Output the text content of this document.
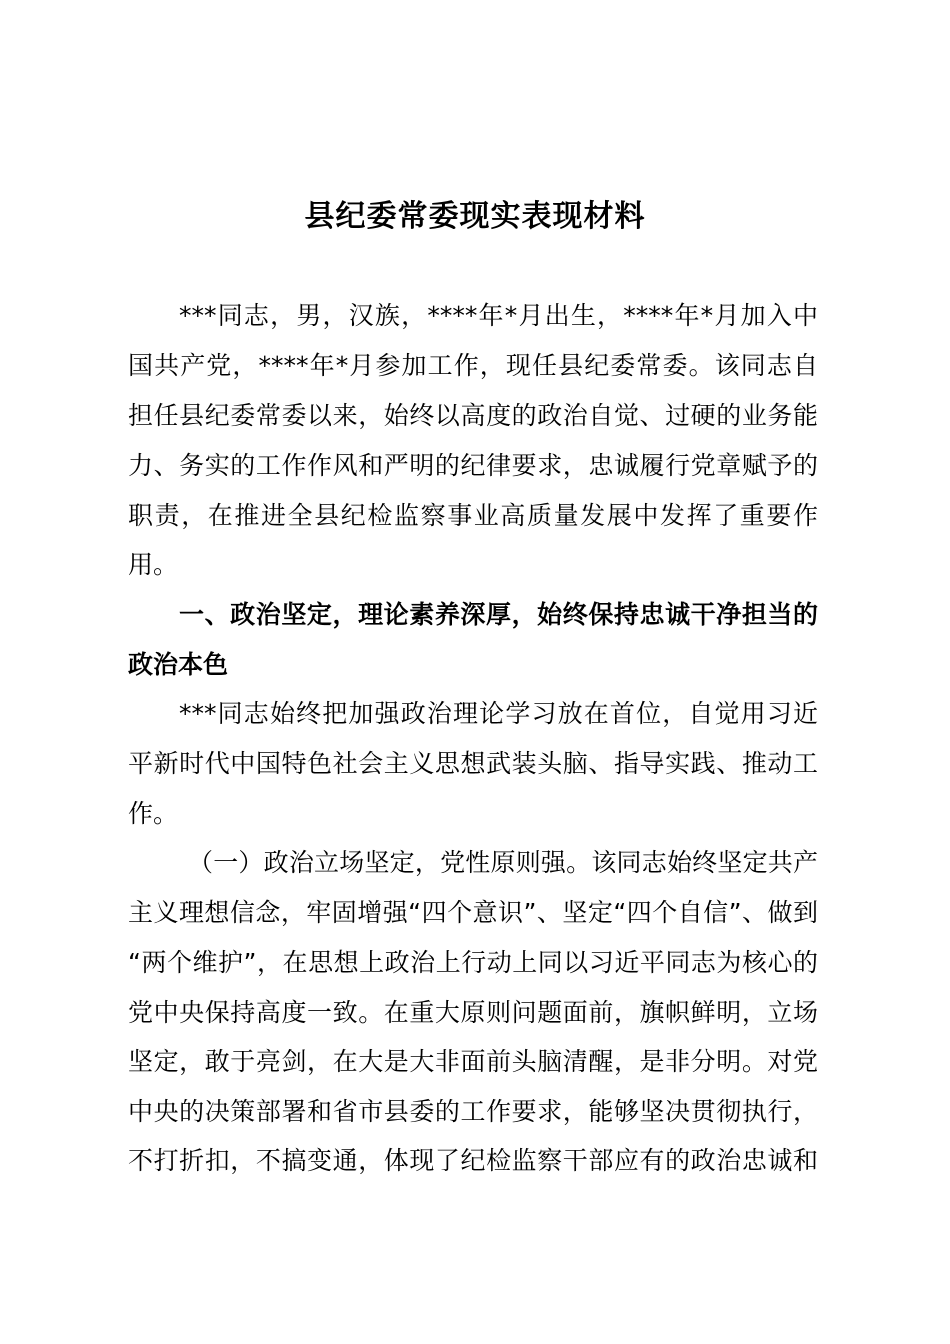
县纪委常委现实表现材料
***同志，男，汉族，****年*月出生，****年*月加入中
国共产党，****年*月参加工作，现任县纪委常委。该同志自
担任县纪委常委以来，始终以高度的政治自觉、过硬的业务能
力、务实的工作作风和严明的纪律要求，忠诚履行党章赋予的
职责，在推进全县纪检监察事业高质量发展中发挥了重要作
用。
一、政治坚定，理论素养深厚，始终保持忠诚干净担当的
政治本色
***同志始终把加强政治理论学习放在首位，自觉用习近
平新时代中国特色社会主义思想武装头脑、指导实践、推动工
作。
（一）政治立场坚定，党性原则强。该同志始终坚定共产
主义理想信念，牢固增强“四个意识”、坚定“四个自信”、做到
“两个维护”，在思想上政治上行动上同以习近平同志为核心的
党中央保持高度一致。在重大原则问题面前，旗帜鲜明，立场
坚定，敢于亮剑，在大是大非面前头脑清醒，是非分明。对党
中央的决策部署和省市县委的工作要求，能够坚决贯彻执行，
不打折扣，不搞变通，体现了纪检监察干部应有的政治忠诚和
